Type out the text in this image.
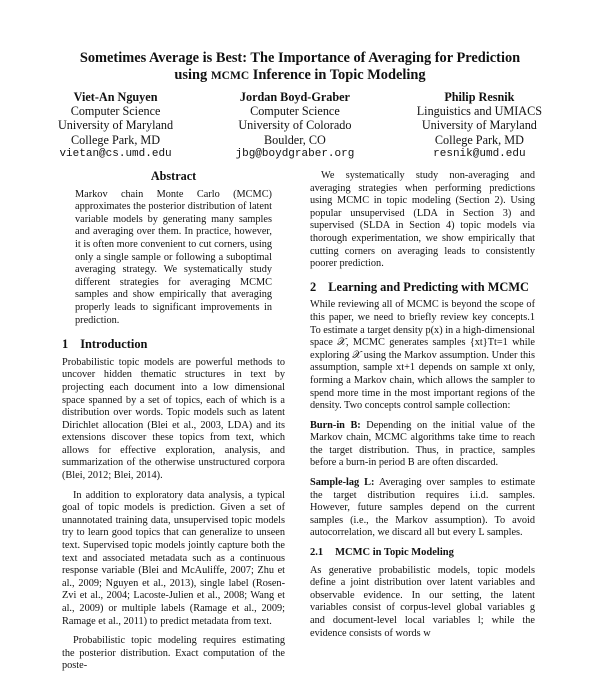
Sometimes Average is Best: The Importance of Averaging for Prediction
using MCMC Inference in Topic Modeling
Viet-An Nguyen
Computer Science
University of Maryland
College Park, MD
vietan@cs.umd.edu
Jordan Boyd-Graber
Computer Science
University of Colorado
Boulder, CO
jbg@boydgraber.org
Philip Resnik
Linguistics and UMIACS
University of Maryland
College Park, MD
resnik@umd.edu
Abstract
Markov chain Monte Carlo (MCMC) approximates the posterior distribution of latent variable models by generating many samples and averaging over them. In practice, however, it is often more convenient to cut corners, using only a single sample or following a suboptimal averaging strategy. We systematically study different strategies for averaging MCMC samples and show empirically that averaging properly leads to significant improvements in prediction.
1 Introduction

Probabilistic topic models are powerful methods to uncover hidden thematic structures in text by projecting each document into a low dimensional space spanned by a set of topics, each of which is a distribution over words. Topic models such as latent Dirichlet allocation (Blei et al., 2003, LDA) and its extensions discover these topics from text, which allows for effective exploration, analysis, and summarization of the otherwise unstructured corpora (Blei, 2012; Blei, 2014).

In addition to exploratory data analysis, a typical goal of topic models is prediction. Given a set of unannotated training data, unsupervised topic models try to learn good topics that can generalize to unseen text. Supervised topic models jointly capture both the text and associated metadata such as a continuous response variable (Blei and McAuliffe, 2007; Zhu et al., 2009; Nguyen et al., 2013), single label (Rosen-Zvi et al., 2004; Lacoste-Julien et al., 2008; Wang et al., 2009) or multiple labels (Ramage et al., 2009; Ramage et al., 2011) to predict metadata from text.

Probabilistic topic modeling requires estimating the posterior distribution. Exact computation of the poste-

We systematically study non-averaging and averaging strategies when performing predictions using MCMC in topic modeling (Section 2). Using popular unsupervised (LDA in Section 3) and supervised (SLDA in Section 4) topic models via thorough experimentation, we show empirically that cutting corners on averaging leads to consistently poorer prediction.

2 Learning and Predicting with MCMC

While reviewing all of MCMC is beyond the scope of this paper, we need to briefly review key concepts.1 To estimate a target density p(x) in a high-dimensional space 𝒳, MCMC generates samples {xt}Tt=1 while exploring 𝒳 using the Markov assumption. Under this assumption, sample xt+1 depends on sample xt only, forming a Markov chain, which allows the sampler to spend more time in the most important regions of the density. Two concepts control sample collection:

Burn-in B: Depending on the initial value of the Markov chain, MCMC algorithms take time to reach the target distribution. Thus, in practice, samples before a burn-in period B are often discarded.

Sample-lag L: Averaging over samples to estimate the target distribution requires i.i.d. samples. However, future samples depend on the current samples (i.e., the Markov assumption). To avoid autocorrelation, we discard all but every L samples.

2.1 MCMC in Topic Modeling

As generative probabilistic models, topic models define a joint distribution over latent variables and observable evidence. In our setting, the latent variables consist of corpus-level global variables g and document-level local variables l; while the evidence consists of words w
